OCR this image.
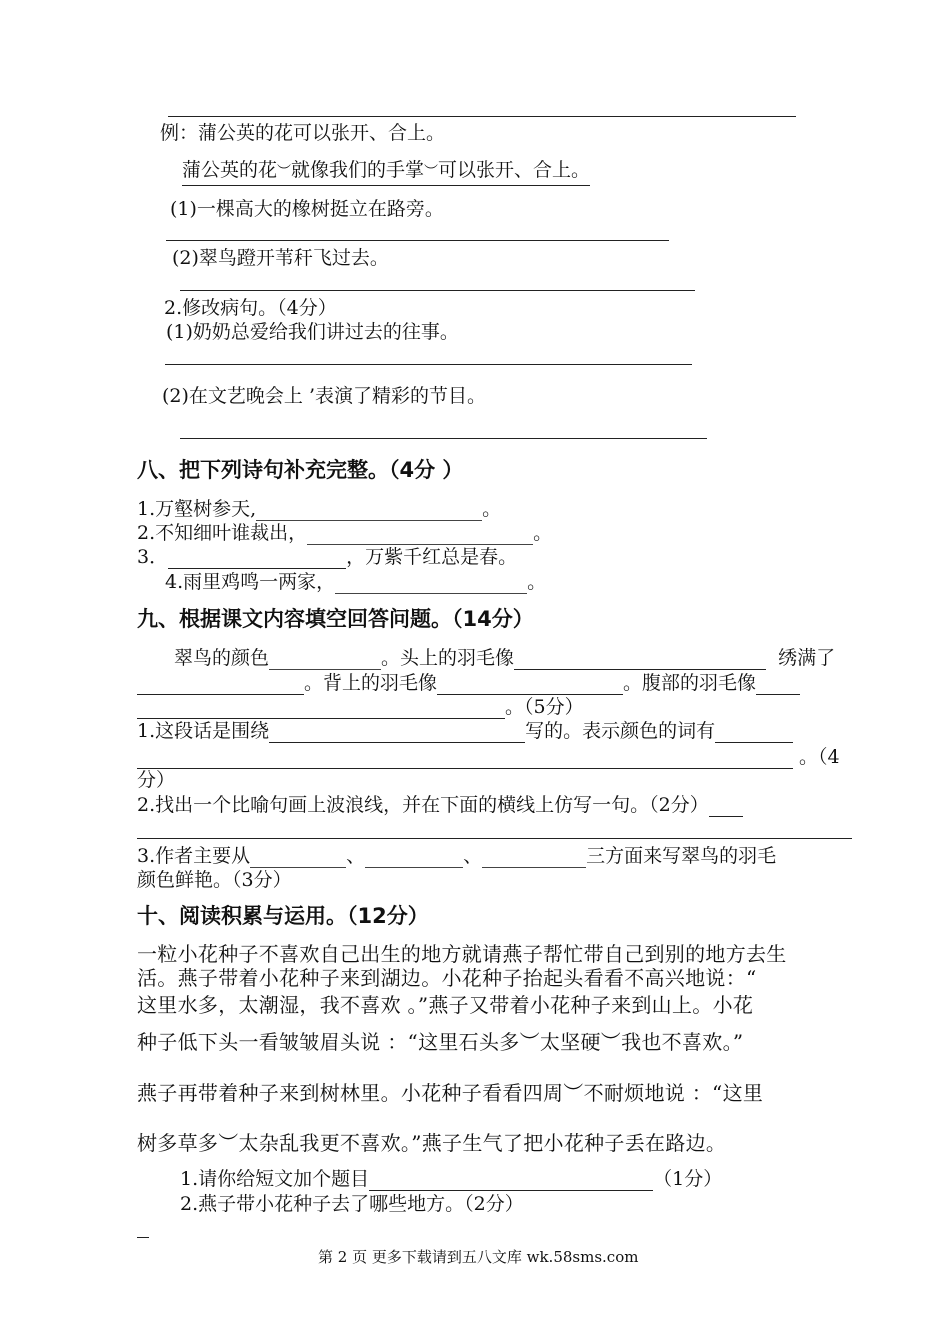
例：蒲公英的花可以张开、合上。
蒲公英的花︶就像我们的手掌︶可以张开、合上。
(1)一棵高大的橡树挺立在路旁。
(2)翠鸟蹬开苇秆飞过去。
2.修改病句。（4分）
(1)奶奶总爱给我们讲过去的往事。
(2)在文艺晚会上 ’表演了精彩的节目。
八、把下列诗句补充完整。（4分 ）
1.万壑树参天,	。
2.不知细叶谁裁出，	。
3．	，万紫千红总是春。
4.雨里鸡鸣一两家，	。
九、根据课文内容填空回答问题。（14分）
翠鸟的颜色	。头上的羽毛像	绣满了
。背上的羽毛像	。腹部的羽毛像
。（5分）
1.这段话是围绕	写的。表示颜色的词有
。（4
分）
2.找出一个比喻句画上波浪线，并在下面的横线上仿写一句。（2分）
3.作者主要从	、	、	三方面来写翠鸟的羽毛
颜色鲜艳。（3分）
十、阅读积累与运用。（12分）
一粒小花种子不喜欢自己出生的地方就请燕子帮忙带自己到别的地方去生
活。燕子带着小花种子来到湖边。小花种子抬起头看看不高兴地说：“
这里水多，太潮湿，我不喜欢 。”燕子又带着小花种子来到山上。小花
种子低下头一看皱皱眉头说 ：“这里石头多︶太坚硬︶我也不喜欢。”
燕子再带着种子来到树林里。小花种子看看四周︶不耐烦地说 ：“这里
树多草多︶太杂乱我更不喜欢。”燕子生气了把小花种子丢在路边。
1.请你给短文加个题目	（1分）
2.燕子带小花种子去了哪些地方。（2分）
第 2 页 更多下载请到五八文库 wk.58sms.com
